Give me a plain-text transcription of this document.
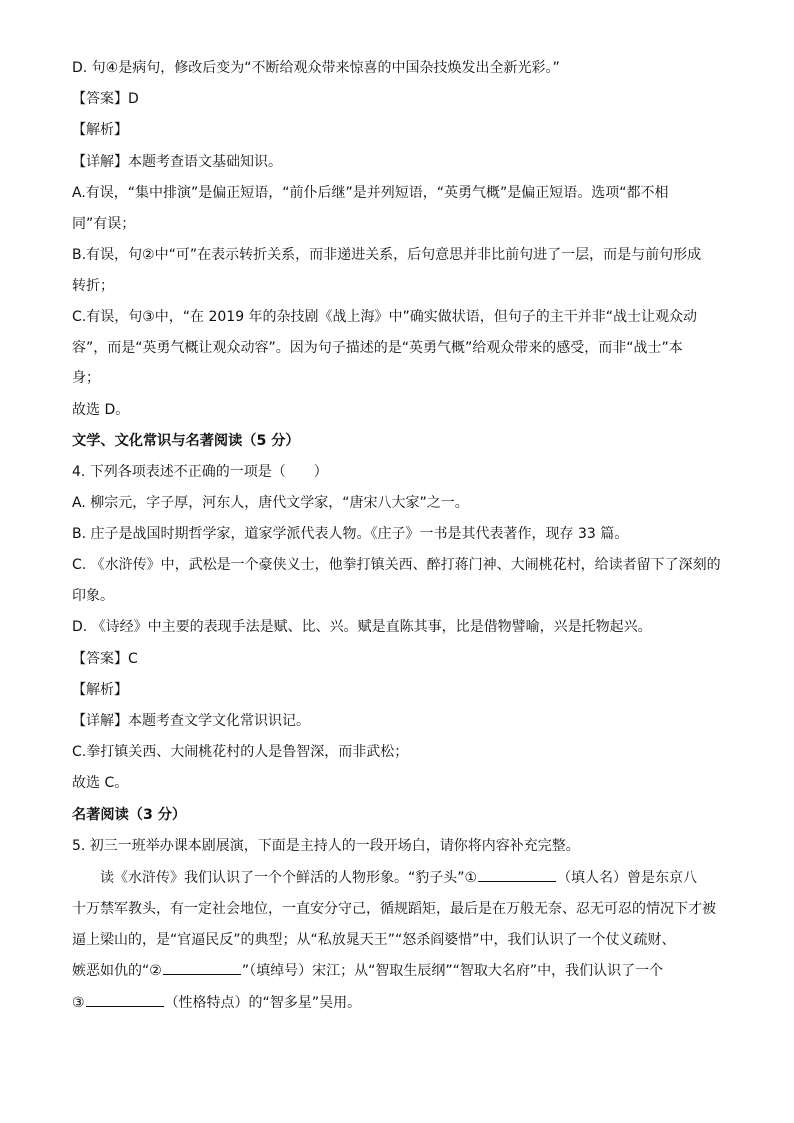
D. 句④是病句，修改后变为“不断给观众带来惊喜的中国杂技焕发出全新光彩。”

【答案】D

【解析】

【详解】本题考查语文基础知识。

A.有误，“集中排演”是偏正短语，“前仆后继”是并列短语，“英勇气概”是偏正短语。选项“都不相

同”有误；

B.有误，句②中“可”在表示转折关系，而非递进关系，后句意思并非比前句进了一层，而是与前句形成

转折；

C.有误，句③中，“在 2019 年的杂技剧《战上海》中”确实做状语，但句子的主干并非“战士让观众动

容”，而是“英勇气概让观众动容”。因为句子描述的是“英勇气概”给观众带来的感受，而非“战士”本

身；

故选 D。

文学、文化常识与名著阅读（5 分）

4. 下列各项表述不正确的一项是（　　）

A. 柳宗元，字子厚，河东人，唐代文学家，“唐宋八大家”之一。

B. 庄子是战国时期哲学家，道家学派代表人物。《庄子》一书是其代表著作，现存 33 篇。

C. 《水浒传》中，武松是一个豪侠义士，他拳打镇关西、醉打蒋门神、大闹桃花村，给读者留下了深刻的

印象。

D. 《诗经》中主要的表现手法是赋、比、兴。赋是直陈其事，比是借物譬喻，兴是托物起兴。

【答案】C

【解析】

【详解】本题考查文学文化常识识记。

C.拳打镇关西、大闹桃花村的人是鲁智深，而非武松；

故选 C。

名著阅读（3 分）

5. 初三一班举办课本剧展演，下面是主持人的一段开场白，请你将内容补充完整。

读《水浒传》我们认识了一个个鲜活的人物形象。“豹子头”①	（填人名）曾是东京八

十万禁军教头，有一定社会地位，一直安分守己，循规蹈矩，最后是在万般无奈、忍无可忍的情况下才被

逼上梁山的，是“官逼民反”的典型；从“私放晁天王”“怒杀阎婆惜”中，我们认识了一个仗义疏财、

嫉恶如仇的“②	”（填绰号）宋江；从“智取生辰纲”“智取大名府”中，我们认识了一个

③	（性格特点）的“智多星”吴用。
